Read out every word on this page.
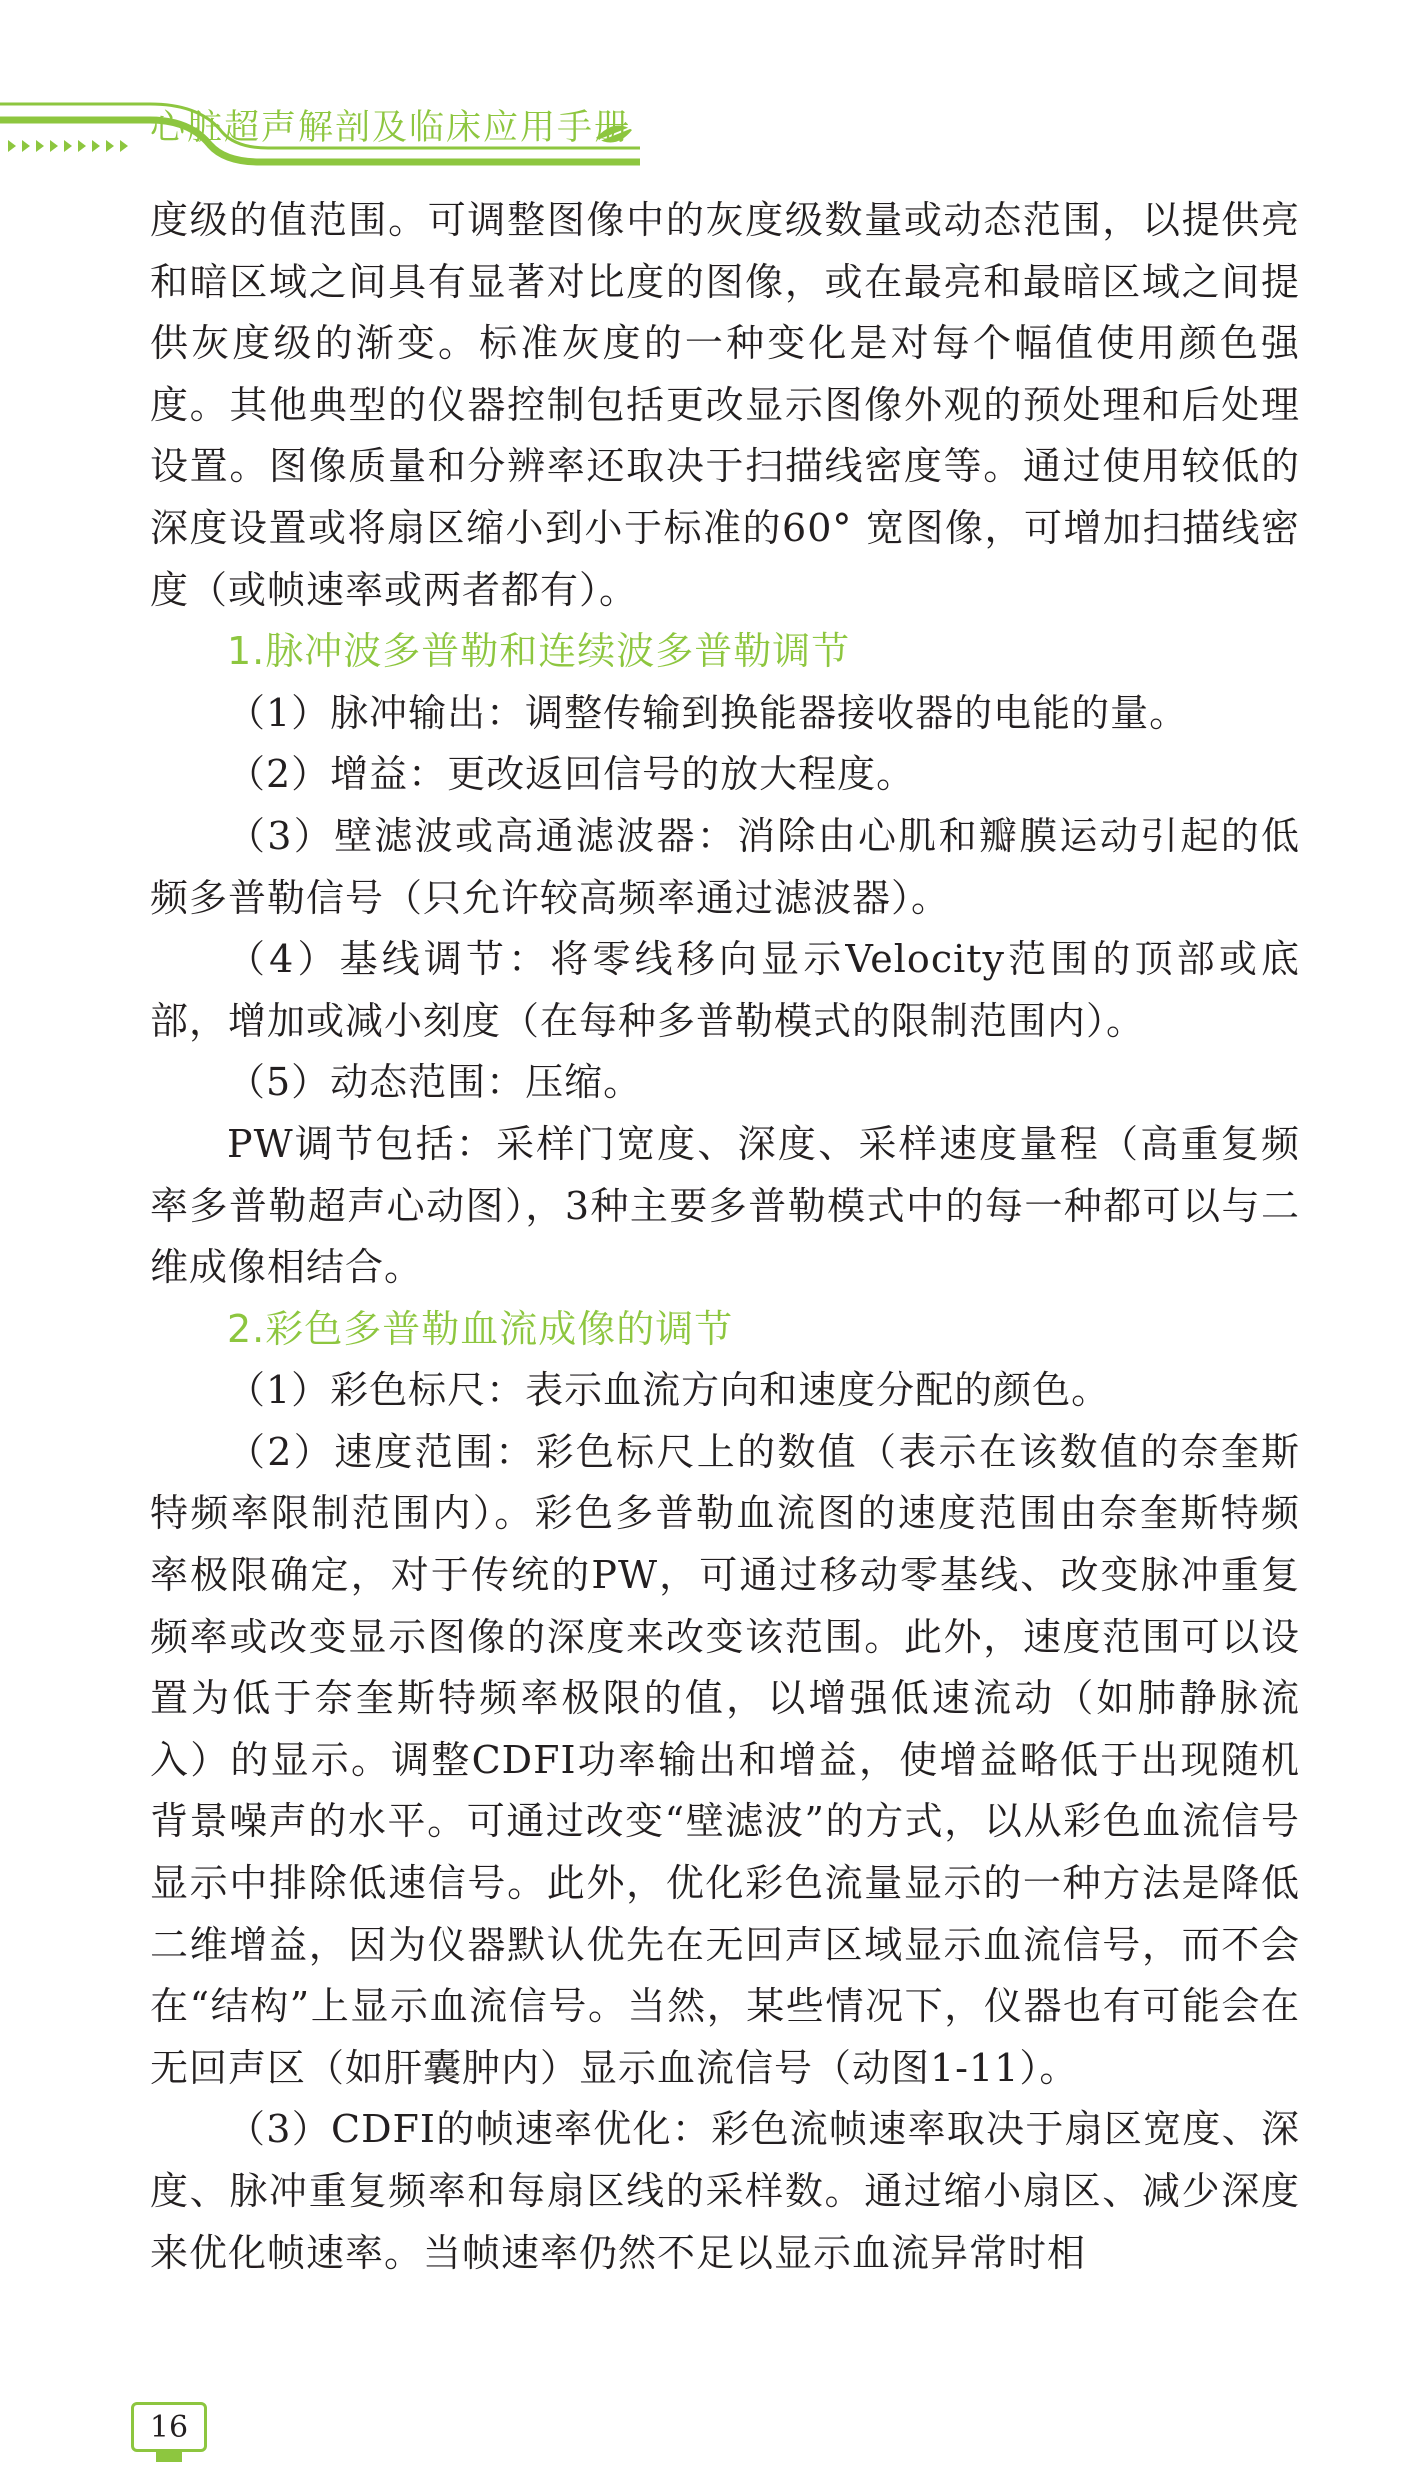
心脏超声解剖及临床应用手册

度级的值范围。可调整图像中的灰度级数量或动态范围，以提供亮和暗区域之间具有显著对比度的图像，或在最亮和最暗区域之间提供灰度级的渐变。标准灰度的一种变化是对每个幅值使用颜色强度。其他典型的仪器控制包括更改显示图像外观的预处理和后处理设置。图像质量和分辨率还取决于扫描线密度等。通过使用较低的深度设置或将扇区缩小到小于标准的60° 宽图像，可增加扫描线密度（或帧速率或两者都有）。

1.脉冲波多普勒和连续波多普勒调节

（1）脉冲输出：调整传输到换能器接收器的电能的量。

（2）增益：更改返回信号的放大程度。

（3）壁滤波或高通滤波器：消除由心肌和瓣膜运动引起的低频多普勒信号（只允许较高频率通过滤波器）。

（4）基线调节：将零线移向显示Velocity范围的顶部或底部，增加或减小刻度（在每种多普勒模式的限制范围内）。

（5）动态范围：压缩。

PW调节包括：采样门宽度、深度、采样速度量程（高重复频率多普勒超声心动图），3种主要多普勒模式中的每一种都可以与二维成像相结合。

2.彩色多普勒血流成像的调节

（1）彩色标尺：表示血流方向和速度分配的颜色。

（2）速度范围：彩色标尺上的数值（表示在该数值的奈奎斯特频率限制范围内）。彩色多普勒血流图的速度范围由奈奎斯特频率极限确定，对于传统的PW，可通过移动零基线、改变脉冲重复频率或改变显示图像的深度来改变该范围。此外，速度范围可以设置为低于奈奎斯特频率极限的值，以增强低速流动（如肺静脉流入）的显示。调整CDFI功率输出和增益，使增益略低于出现随机背景噪声的水平。可通过改变“壁滤波”的方式，以从彩色血流信号显示中排除低速信号。此外，优化彩色流量显示的一种方法是降低二维增益，因为仪器默认优先在无回声区域显示血流信号，而不会在“结构”上显示血流信号。当然，某些情况下，仪器也有可能会在无回声区（如肝囊肿内）显示血流信号（动图1-11）。

（3）CDFI的帧速率优化：彩色流帧速率取决于扇区宽度、深度、脉冲重复频率和每扇区线的采样数。通过缩小扇区、减少深度来优化帧速率。当帧速率仍然不足以显示血流异常时相

16
